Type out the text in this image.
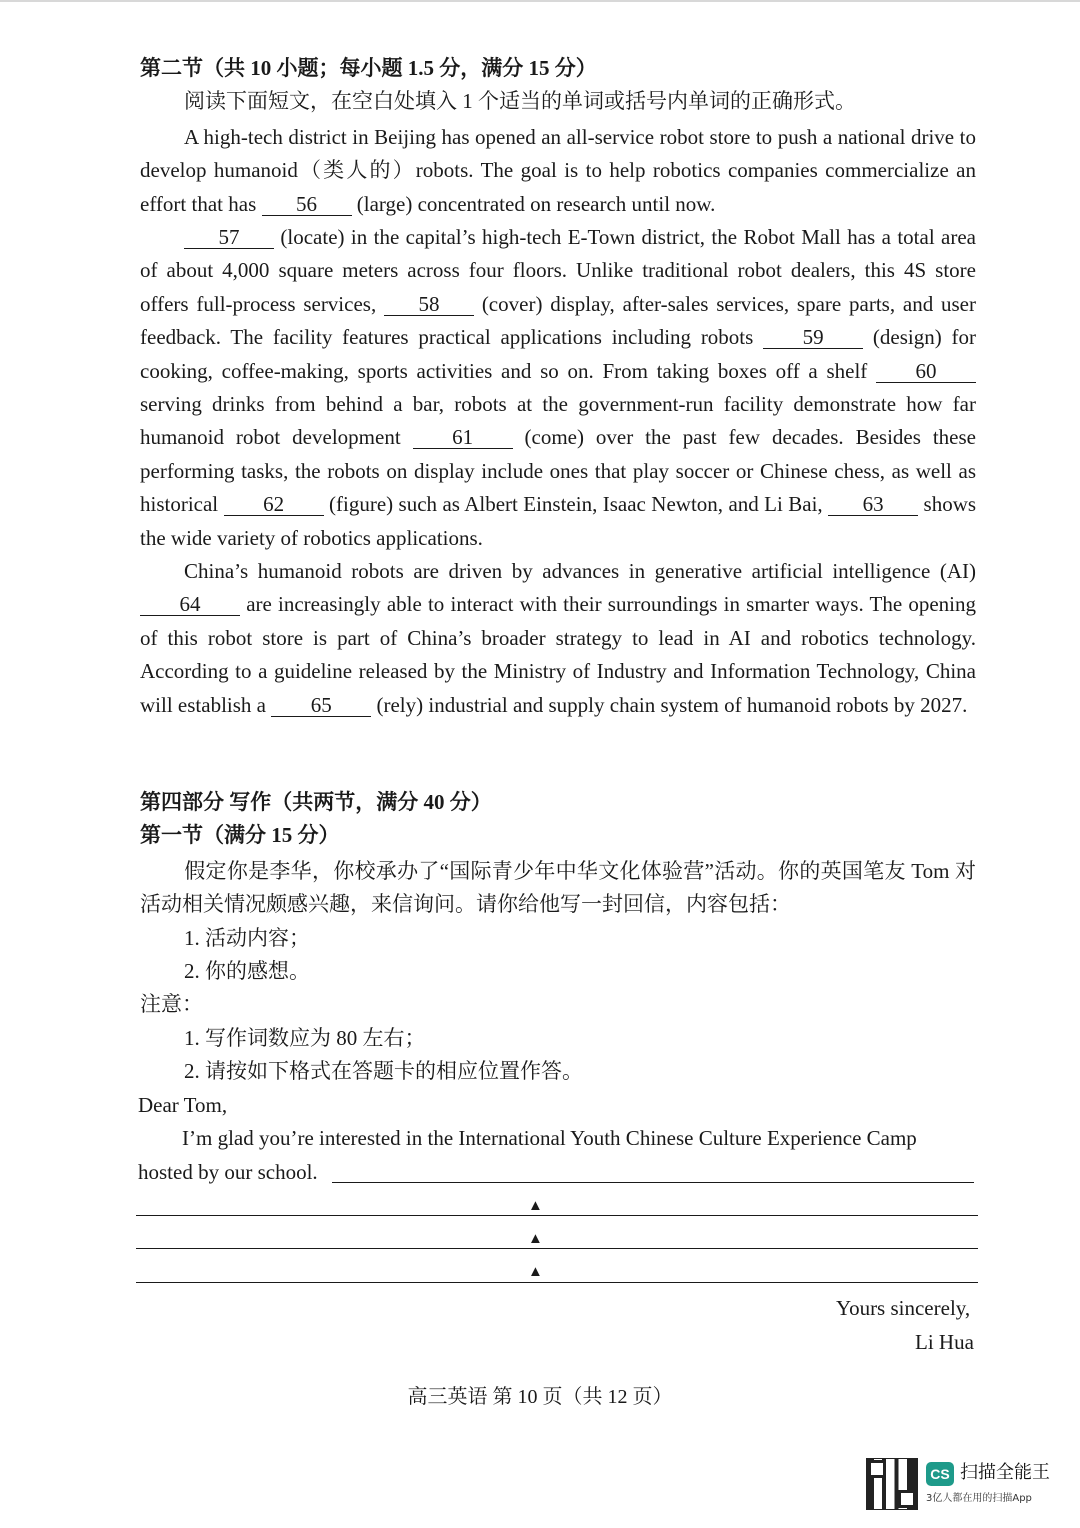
第二节（共 10 小题；每小题 1.5 分，满分 15 分）
阅读下面短文，在空白处填入 1 个适当的单词或括号内单词的正确形式。
A high-tech district in Beijing has opened an all-service robot store to push a national drive to develop humanoid（类人的）robots. The goal is to help robotics companies commercialize an effort that has 56 (large) concentrated on research until now.
57 (locate) in the capital’s high-tech E-Town district, the Robot Mall has a total area of about 4,000 square meters across four floors. Unlike traditional robot dealers, this 4S store offers full-process services, 58 (cover) display, after-sales services, spare parts, and user feedback. The facility features practical applications including robots 59 (design) for cooking, coffee-making, sports activities and so on. From taking boxes off a shelf 60 serving drinks from behind a bar, robots at the government-run facility demonstrate how far humanoid robot development 61 (come) over the past few decades. Besides these performing tasks, the robots on display include ones that play soccer or Chinese chess, as well as historical 62 (figure) such as Albert Einstein, Isaac Newton, and Li Bai, 63 shows the wide variety of robotics applications.
China’s humanoid robots are driven by advances in generative artificial intelligence (AI) 64 are increasingly able to interact with their surroundings in smarter ways. The opening of this robot store is part of China’s broader strategy to lead in AI and robotics technology. According to a guideline released by the Ministry of Industry and Information Technology, China will establish a 65 (rely) industrial and supply chain system of humanoid robots by 2027.
第四部分 写作（共两节，满分 40 分）
第一节（满分 15 分）
假定你是李华，你校承办了“国际青少年中华文化体验营”活动。你的英国笔友 Tom 对活动相关情况颇感兴趣，来信询问。请你给他写一封回信，内容包括：
1. 活动内容；
2. 你的感想。
注意：
1. 写作词数应为 80 左右；
2. 请按如下格式在答题卡的相应位置作答。
Dear Tom,
I’m glad you’re interested in the International Youth Chinese Culture Experience Camp
hosted by our school.
▲
▲
▲
Yours sincerely,
Li Hua
高三英语 第 10 页（共 12 页）
CS 扫描全能王
3亿人都在用的扫描App
